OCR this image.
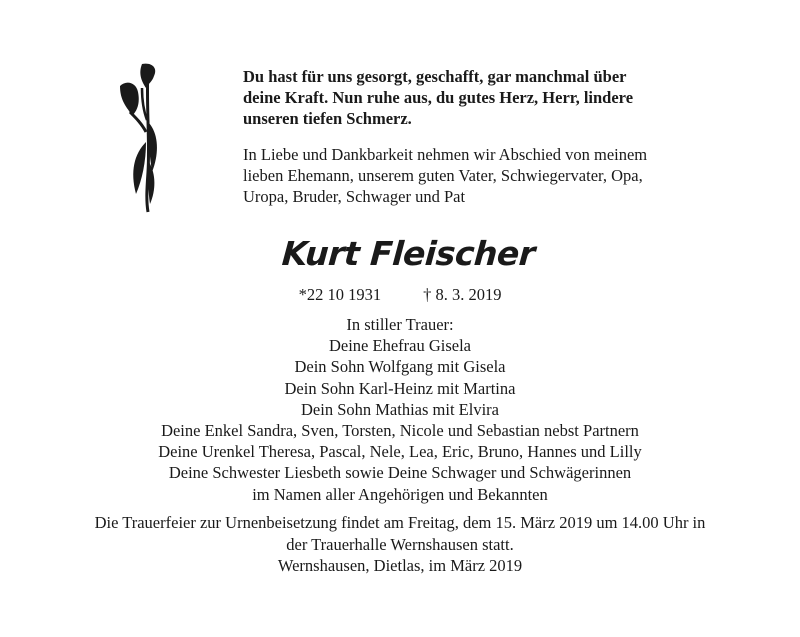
Du hast für uns gesorgt, geschafft, gar manchmal über
deine Kraft. Nun ruhe aus, du gutes Herz, Herr, lindere
unseren tiefen Schmerz.
In Liebe und Dankbarkeit nehmen wir Abschied von meinem
lieben Ehemann, unserem guten Vater, Schwiegervater, Opa,
Uropa, Bruder, Schwager und Pat
Kurt Fleischer
*22 10 1931	† 8. 3. 2019
In stiller Trauer:
Deine Ehefrau Gisela
Dein Sohn Wolfgang mit Gisela
Dein Sohn Karl-Heinz mit Martina
Dein Sohn Mathias mit Elvira
Deine Enkel Sandra, Sven, Torsten, Nicole und Sebastian nebst Partnern
Deine Urenkel Theresa, Pascal, Nele, Lea, Eric, Bruno, Hannes und Lilly
Deine Schwester Liesbeth sowie Deine Schwager und Schwägerinnen
im Namen aller Angehörigen und Bekannten
Die Trauerfeier zur Urnenbeisetzung findet am Freitag, dem 15. März 2019 um 14.00 Uhr in
der Trauerhalle Wernshausen statt.
Wernshausen, Dietlas, im März 2019
